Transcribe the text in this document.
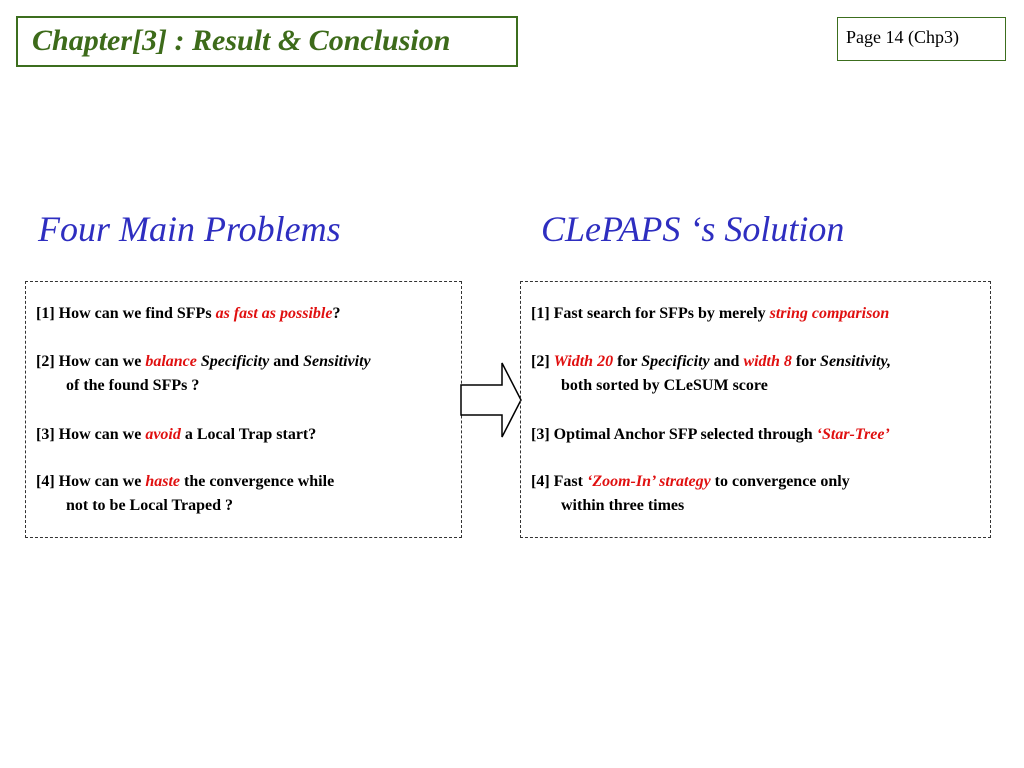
Chapter[3] : Result & Conclusion	Page 14 (Chp3)
Four Main Problems	CLePAPS ‘s Solution
[1] How can we find SFPs as fast as possible?
[2] How can we balance Specificity and Sensitivity
of the found SFPs ?
[3] How can we avoid a Local Trap start?
[4] How can we haste the convergence while
not to be Local Traped ?
[1] Fast search for SFPs by merely string comparison
[2] Width 20 for Specificity and width 8 for Sensitivity,
both sorted by CLeSUM score
[3] Optimal Anchor SFP selected through ‘Star-Tree’
[4] Fast ‘Zoom-In’ strategy to convergence only
within three times
